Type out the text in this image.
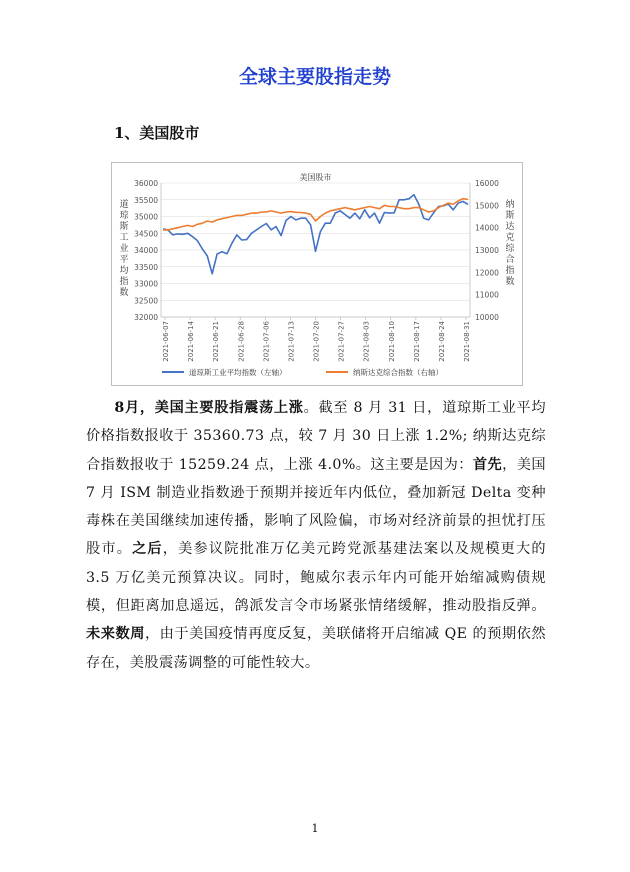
全球主要股指走势
1、美国股市
美国股市
32000
32500
33000
33500
34000
34500
35000
35500
36000
10000
11000
12000
13000
14000
15000
16000
道
琼
斯
工
业
平
均
指
数
纳
斯
达
克
综
合
指
数
2021-06-07 2021-06-14 2021-06-21 2021-06-28 2021-07-06 2021-07-13 2021-07-20 2021-07-27 2021-08-03 2021-08-10 2021-08-17 2021-08-24 2021-08-31
道琼斯工业平均指数（左轴）	纳斯达克综合指数（右轴）

8月，美国主要股指震荡上涨。截至 8 月 31 日，道琼斯工业平均价格指数报收于 35360.73 点，较 7 月 30 日上涨 1.2%; 纳斯达克综合指数报收于 15259.24 点，上涨 4.0%。这主要是因为：首先，美国 7 月 ISM 制造业指数逊于预期并接近年内低位，叠加新冠 Delta 变种毒株在美国继续加速传播，影响了风险偏，市场对经济前景的担忧打压股市。之后，美参议院批准万亿美元跨党派基建法案以及规模更大的 3.5 万亿美元预算决议。同时，鲍威尔表示年内可能开始缩减购债规模，但距离加息遥远，鸽派发言令市场紧张情绪缓解，推动股指反弹。未来数周，由于美国疫情再度反复，美联储将开启缩减 QE 的预期依然存在，美股震荡调整的可能性较大。

1
